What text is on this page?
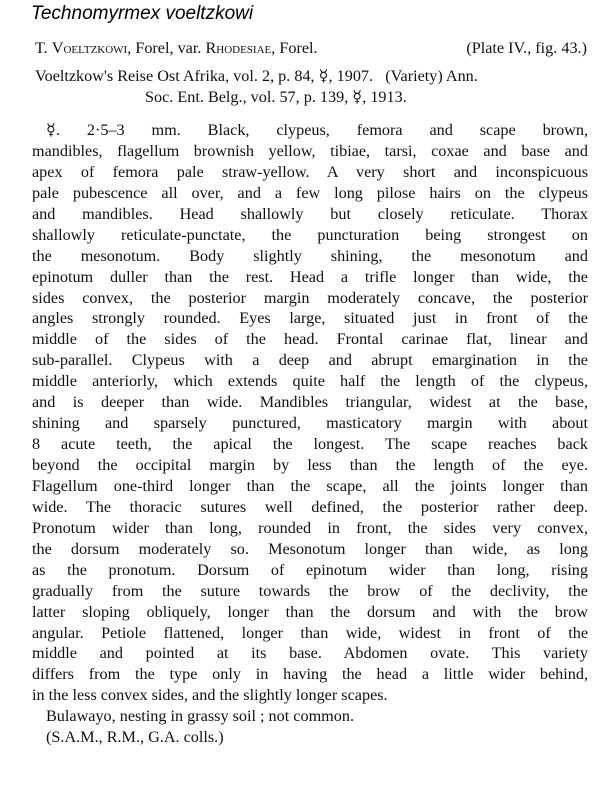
Technomyrmex voeltzkowi
T. Voeltzkowi, Forel, var. Rhodesiae, Forel.	(Plate IV., fig. 43.)
Voeltzkow's Reise Ost Afrika, vol. 2, p. 84, ☿, 1907.   (Variety) Ann.
Soc. Ent. Belg., vol. 57, p. 139, ☿, 1913.
☿. 2·5–3 mm. Black, clypeus, femora and scape brown,
mandibles, flagellum brownish yellow, tibiae, tarsi, coxae and base and
apex of femora pale straw-yellow. A very short and inconspicuous
pale pubescence all over, and a few long pilose hairs on the clypeus
and mandibles. Head shallowly but closely reticulate. Thorax
shallowly reticulate-punctate, the puncturation being strongest on
the mesonotum. Body slightly shining, the mesonotum and
epinotum duller than the rest. Head a trifle longer than wide, the
sides convex, the posterior margin moderately concave, the posterior
angles strongly rounded. Eyes large, situated just in front of the
middle of the sides of the head. Frontal carinae flat, linear and
sub-parallel. Clypeus with a deep and abrupt emargination in the
middle anteriorly, which extends quite half the length of the clypeus,
and is deeper than wide. Mandibles triangular, widest at the base,
shining and sparsely punctured, masticatory margin with about
8 acute teeth, the apical the longest. The scape reaches back
beyond the occipital margin by less than the length of the eye.
Flagellum one-third longer than the scape, all the joints longer than
wide. The thoracic sutures well defined, the posterior rather deep.
Pronotum wider than long, rounded in front, the sides very convex,
the dorsum moderately so. Mesonotum longer than wide, as long
as the pronotum. Dorsum of epinotum wider than long, rising
gradually from the suture towards the brow of the declivity, the
latter sloping obliquely, longer than the dorsum and with the brow
angular. Petiole flattened, longer than wide, widest in front of the
middle and pointed at its base. Abdomen ovate. This variety
differs from the type only in having the head a little wider behind,
in the less convex sides, and the slightly longer scapes.
Bulawayo, nesting in grassy soil ; not common.
(S.A.M., R.M., G.A. colls.)
